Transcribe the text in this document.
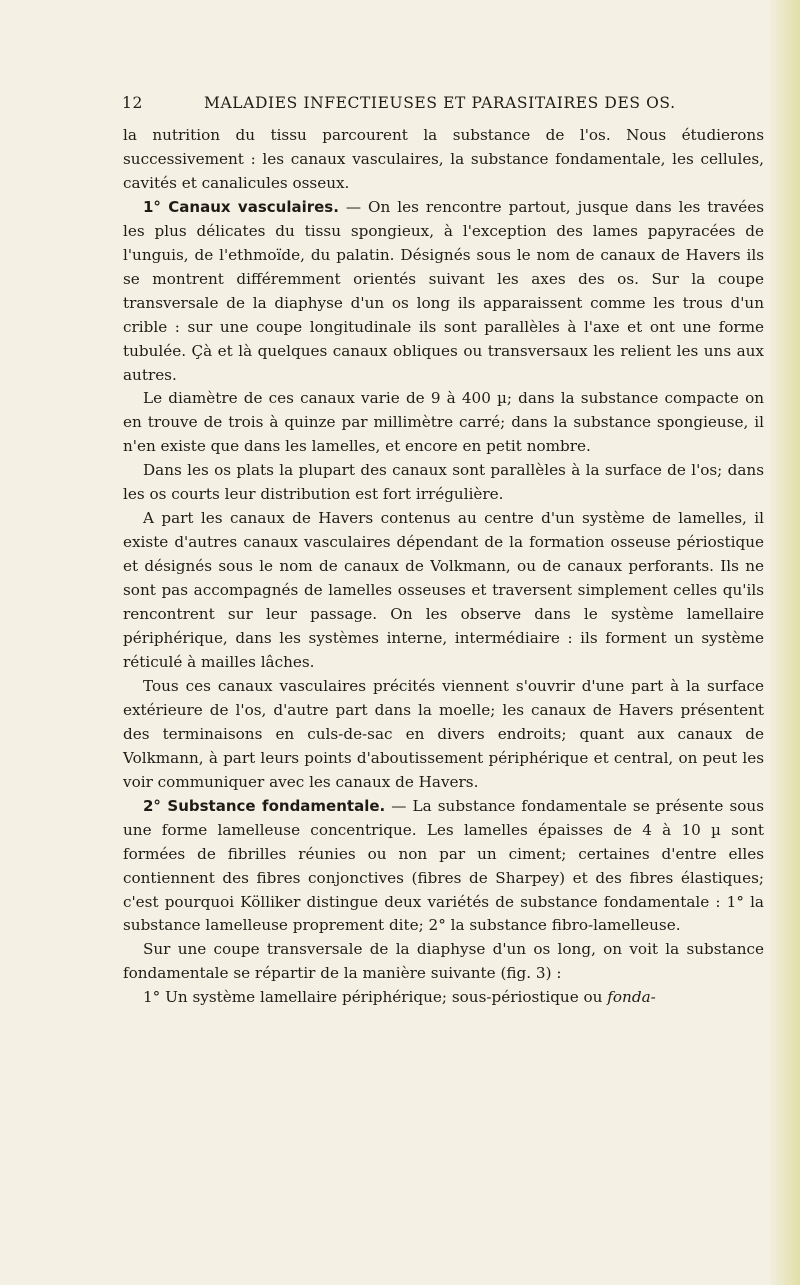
12	MALADIES INFECTIEUSES ET PARASITAIRES DES OS.

la nutrition du tissu parcourent la substance de l'os. Nous étudierons successivement : les canaux vasculaires, la substance fondamentale, les cellules, cavités et canalicules osseux.

1° Canaux vasculaires. — On les rencontre partout, jusque dans les travées les plus délicates du tissu spongieux, à l'exception des lames papyracées de l'unguis, de l'ethmoïde, du palatin. Désignés sous le nom de canaux de Havers ils se montrent différemment orientés suivant les axes des os. Sur la coupe transversale de la diaphyse d'un os long ils apparaissent comme les trous d'un crible : sur une coupe longitudinale ils sont parallèles à l'axe et ont une forme tubulée. Çà et là quelques canaux obliques ou transversaux les relient les uns aux autres.

Le diamètre de ces canaux varie de 9 à 400 µ; dans la substance compacte on en trouve de trois à quinze par millimètre carré; dans la substance spongieuse, il n'en existe que dans les lamelles, et encore en petit nombre.

Dans les os plats la plupart des canaux sont parallèles à la surface de l'os; dans les os courts leur distribution est fort irrégulière.

A part les canaux de Havers contenus au centre d'un système de lamelles, il existe d'autres canaux vasculaires dépendant de la formation osseuse périostique et désignés sous le nom de canaux de Volkmann, ou de canaux perforants. Ils ne sont pas accompagnés de lamelles osseuses et traversent simplement celles qu'ils rencontrent sur leur passage. On les observe dans le système lamellaire périphérique, dans les systèmes interne, intermédiaire : ils forment un système réticulé à mailles lâches.

Tous ces canaux vasculaires précités viennent s'ouvrir d'une part à la surface extérieure de l'os, d'autre part dans la moelle; les canaux de Havers présentent des terminaisons en culs-de-sac en divers endroits; quant aux canaux de Volkmann, à part leurs points d'aboutissement périphérique et central, on peut les voir communiquer avec les canaux de Havers.

2° Substance fondamentale. — La substance fondamentale se présente sous une forme lamelleuse concentrique. Les lamelles épaisses de 4 à 10 µ sont formées de fibrilles réunies ou non par un ciment; certaines d'entre elles contiennent des fibres conjonctives (fibres de Sharpey) et des fibres élastiques; c'est pourquoi Kölliker distingue deux variétés de substance fondamentale : 1° la substance lamelleuse proprement dite; 2° la substance fibro-lamelleuse.

Sur une coupe transversale de la diaphyse d'un os long, on voit la substance fondamentale se répartir de la manière suivante (fig. 3) :

1° Un système lamellaire périphérique; sous-périostique ou fonda-
